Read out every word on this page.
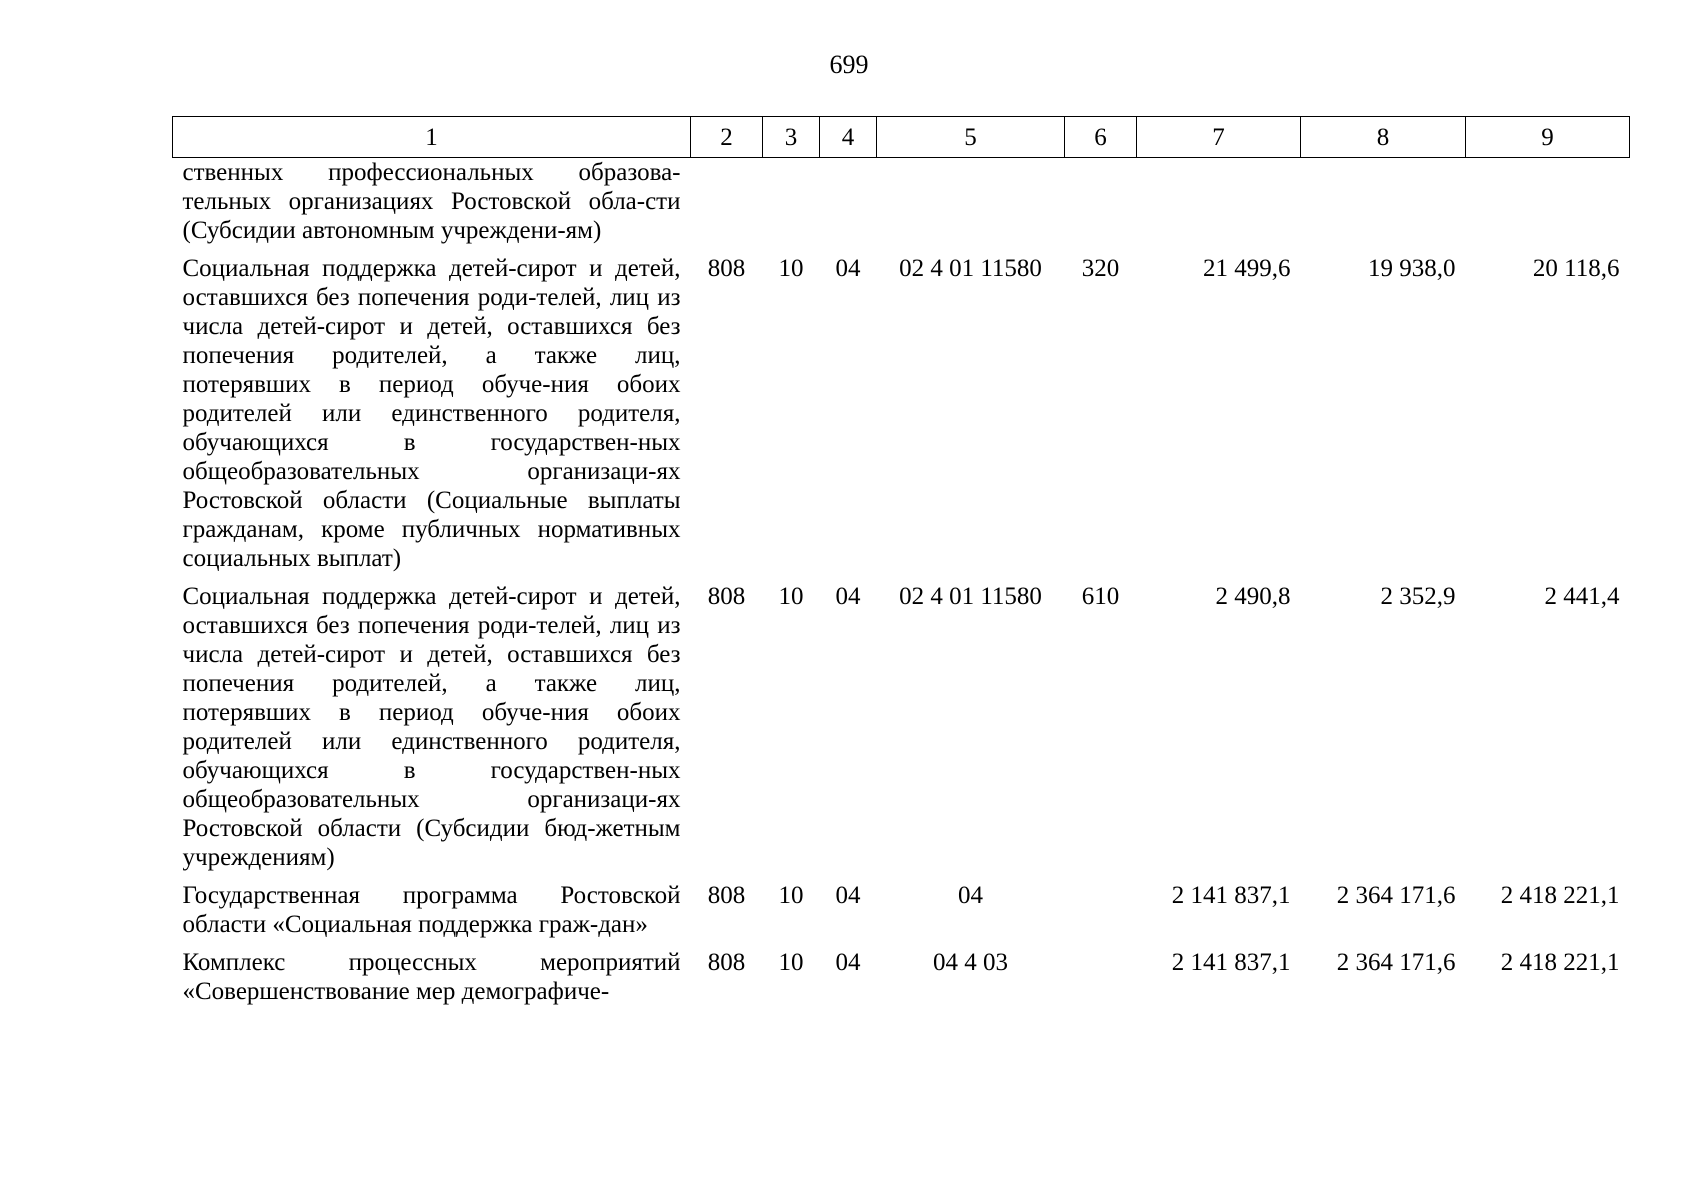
699
1	2	3	4	5	6	7	8	9
ственных профессиональных образова-тельных организациях Ростовской обла-сти (Субсидии автономным учреждени-ям)								
Социальная поддержка детей-сирот и детей, оставшихся без попечения роди-телей, лиц из числа детей-сирот и детей, оставшихся без попечения родителей, а также лиц, потерявших в период обуче-ния обоих родителей или единственного родителя, обучающихся в государствен-ных общеобразовательных организаци-ях Ростовской области (Социальные выплаты гражданам, кроме публичных нормативных социальных выплат)	808	10	04	02 4 01 11580	320	21 499,6	19 938,0	20 118,6
Социальная поддержка детей-сирот и детей, оставшихся без попечения роди-телей, лиц из числа детей-сирот и детей, оставшихся без попечения родителей, а также лиц, потерявших в период обуче-ния обоих родителей или единственного родителя, обучающихся в государствен-ных общеобразовательных организаци-ях Ростовской области (Субсидии бюд-жетным учреждениям)	808	10	04	02 4 01 11580	610	2 490,8	2 352,9	2 441,4
Государственная программа Ростовской области «Социальная поддержка граж-дан»	808	10	04	04		2 141 837,1	2 364 171,6	2 418 221,1
Комплекс процессных мероприятий «Совершенствование мер демографиче-	808	10	04	04 4 03		2 141 837,1	2 364 171,6	2 418 221,1
